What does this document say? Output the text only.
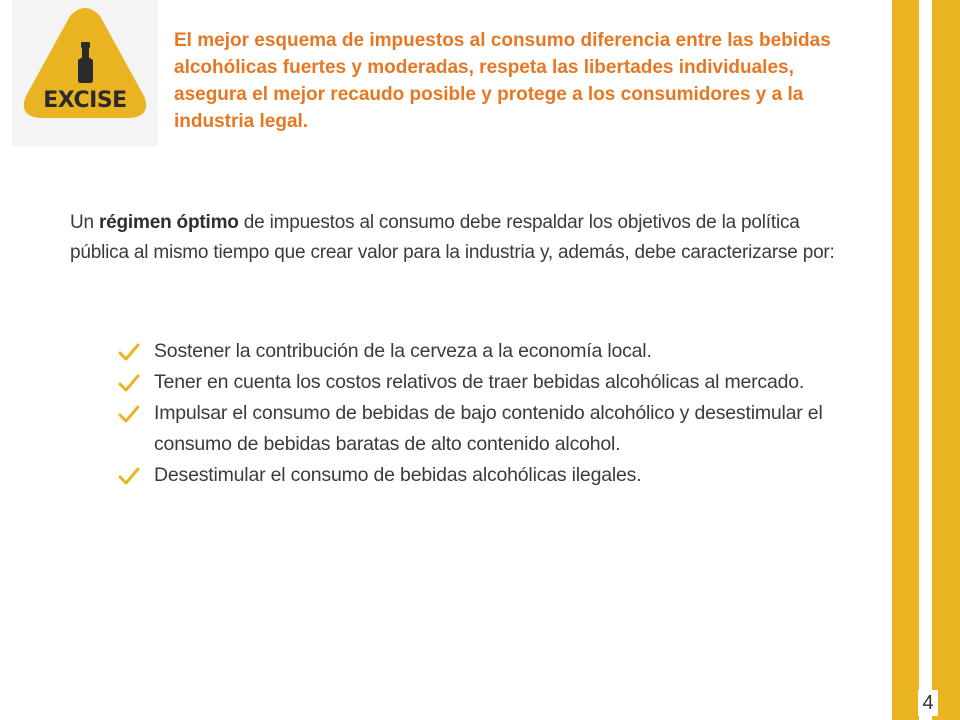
EXCISE

El mejor esquema de impuestos al consumo diferencia entre las bebidas alcohólicas fuertes y moderadas, respeta las libertades individuales, asegura el mejor recaudo posible y protege a los consumidores y a la industria legal.

Un régimen óptimo de impuestos al consumo debe respaldar los objetivos de la política pública al mismo tiempo que crear valor para la industria y, además, debe caracterizarse por:

Sostener la contribución de la cerveza a la economía local.
Tener en cuenta los costos relativos de traer bebidas alcohólicas al mercado.
Impulsar el consumo de bebidas de bajo contenido alcohólico y desestimular el consumo de bebidas baratas de alto contenido alcohol.
Desestimular el consumo de bebidas alcohólicas ilegales.
4
